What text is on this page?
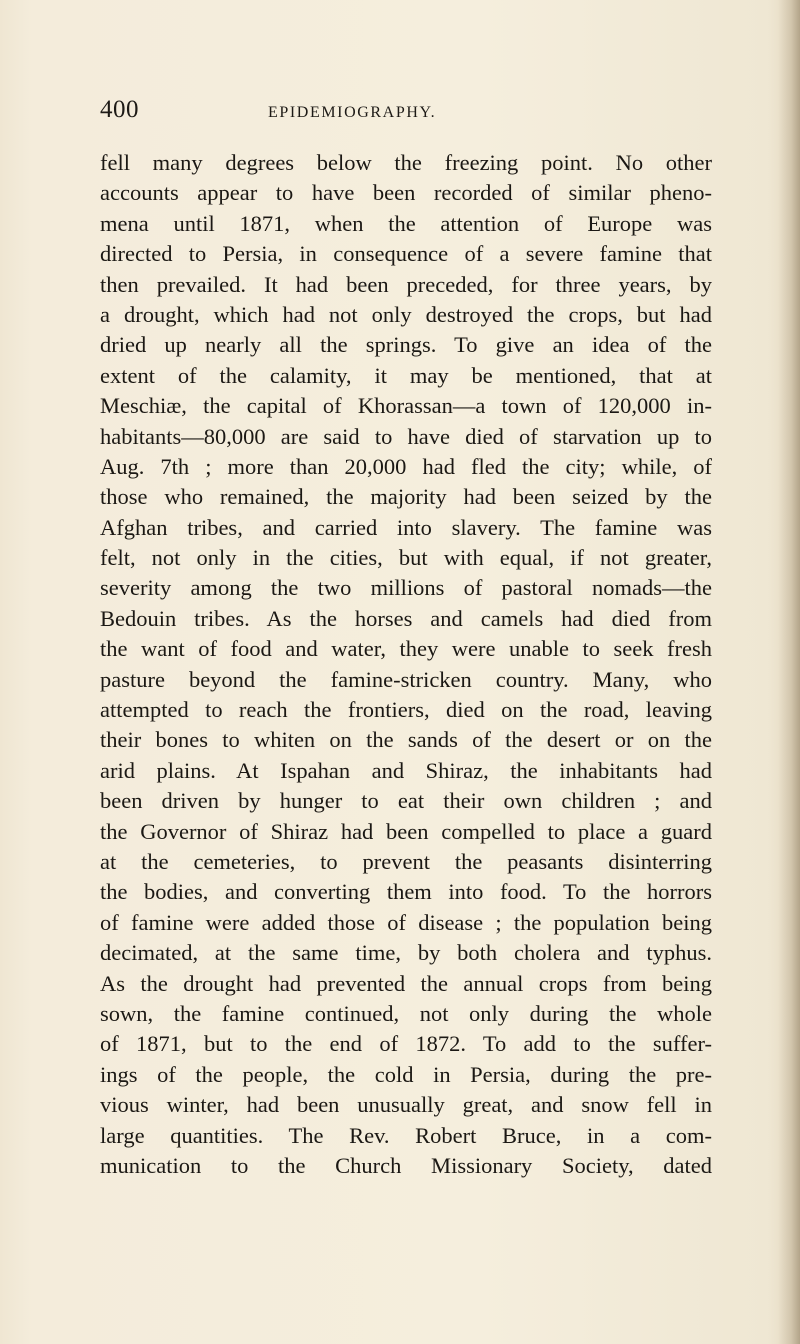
400	EPIDEMIOGRAPHY.
fell many degrees below the freezing point. No other
accounts appear to have been recorded of similar pheno-
mena until 1871, when the attention of Europe was
directed to Persia, in consequence of a severe famine that
then prevailed. It had been preceded, for three years, by
a drought, which had not only destroyed the crops, but had
dried up nearly all the springs. To give an idea of the
extent of the calamity, it may be mentioned, that at
Meschiæ, the capital of Khorassan—a town of 120,000 in-
habitants—80,000 are said to have died of starvation up to
Aug. 7th ; more than 20,000 had fled the city; while, of
those who remained, the majority had been seized by the
Afghan tribes, and carried into slavery. The famine was
felt, not only in the cities, but with equal, if not greater,
severity among the two millions of pastoral nomads—the
Bedouin tribes. As the horses and camels had died from
the want of food and water, they were unable to seek fresh
pasture beyond the famine-stricken country. Many, who
attempted to reach the frontiers, died on the road, leaving
their bones to whiten on the sands of the desert or on the
arid plains. At Ispahan and Shiraz, the inhabitants had
been driven by hunger to eat their own children ; and
the Governor of Shiraz had been compelled to place a guard
at the cemeteries, to prevent the peasants disinterring
the bodies, and converting them into food. To the horrors
of famine were added those of disease ; the population being
decimated, at the same time, by both cholera and typhus.
As the drought had prevented the annual crops from being
sown, the famine continued, not only during the whole
of 1871, but to the end of 1872. To add to the suffer-
ings of the people, the cold in Persia, during the pre-
vious winter, had been unusually great, and snow fell in
large quantities. The Rev. Robert Bruce, in a com-
munication to the Church Missionary Society, dated
